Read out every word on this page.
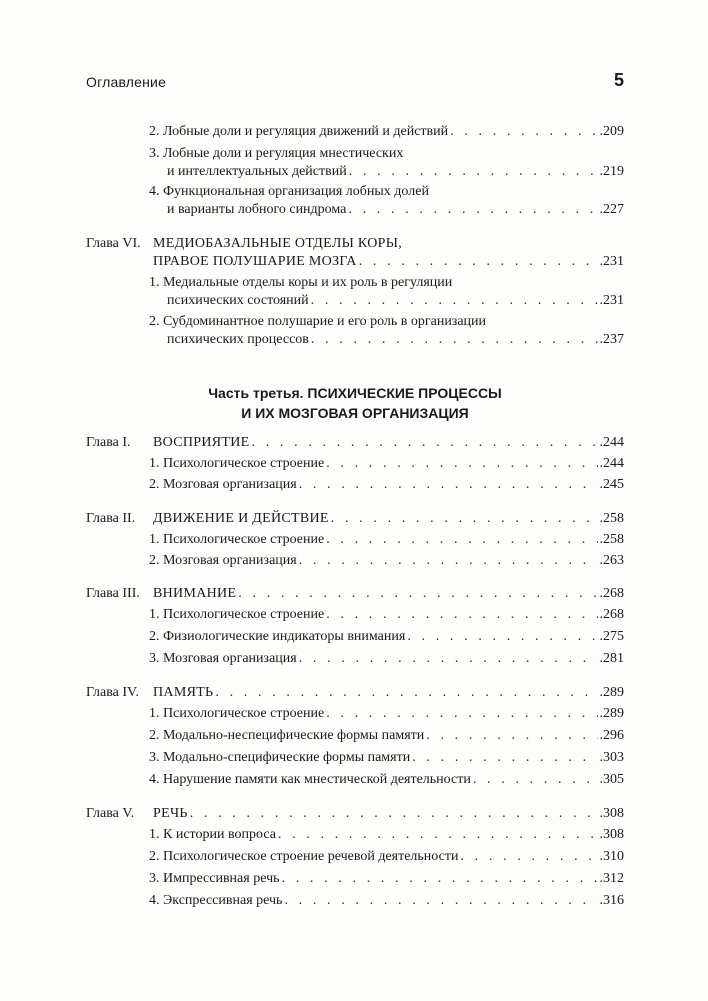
Оглавление	5
2. Лобные доли и регуляция движений и действий . . .	.209
3. Лобные доли и регуляция мнестических
и интеллектуальных действий . . .	.219
4. Функциональная организация лобных долей
и варианты лобного синдрома . . .	.227
Глава VI. МЕДИОБАЗАЛЬНЫЕ ОТДЕЛЫ КОРЫ,
ПРАВОЕ ПОЛУШАРИЕ МОЗГА . . .	.231
1. Медиальные отделы коры и их роль в регуляции
психических состояний . . .	.231
2. Субдоминантное полушарие и его роль в организации
психических процессов . . .	.237
Часть третья. ПСИХИЧЕСКИЕ ПРОЦЕССЫ
И ИХ МОЗГОВАЯ ОРГАНИЗАЦИЯ
Глава I. ВОСПРИЯТИЕ . . .	.244
1. Психологическое строение . . .	.244
2. Мозговая организация . . .	.245
Глава II. ДВИЖЕНИЕ И ДЕЙСТВИЕ . . .	.258
1. Психологическое строение . . .	.258
2. Мозговая организация . . .	.263
Глава III. ВНИМАНИЕ . . .	.268
1. Психологическое строение . . .	.268
2. Физиологические индикаторы внимания . . .	.275
3. Мозговая организация . . .	.281
Глава IV. ПАМЯТЬ . . .	.289
1. Психологическое строение . . .	.289
2. Модально-неспецифические формы памяти . . .	.296
3. Модально-специфические формы памяти . . .	.303
4. Нарушение памяти как мнестической деятельности . . .	.305
Глава V. РЕЧЬ . . .	.308
1. К истории вопроса . . .	.308
2. Психологическое строение речевой деятельности . . .	.310
3. Импрессивная речь . . .	.312
4. Экспрессивная речь . . .	.316
